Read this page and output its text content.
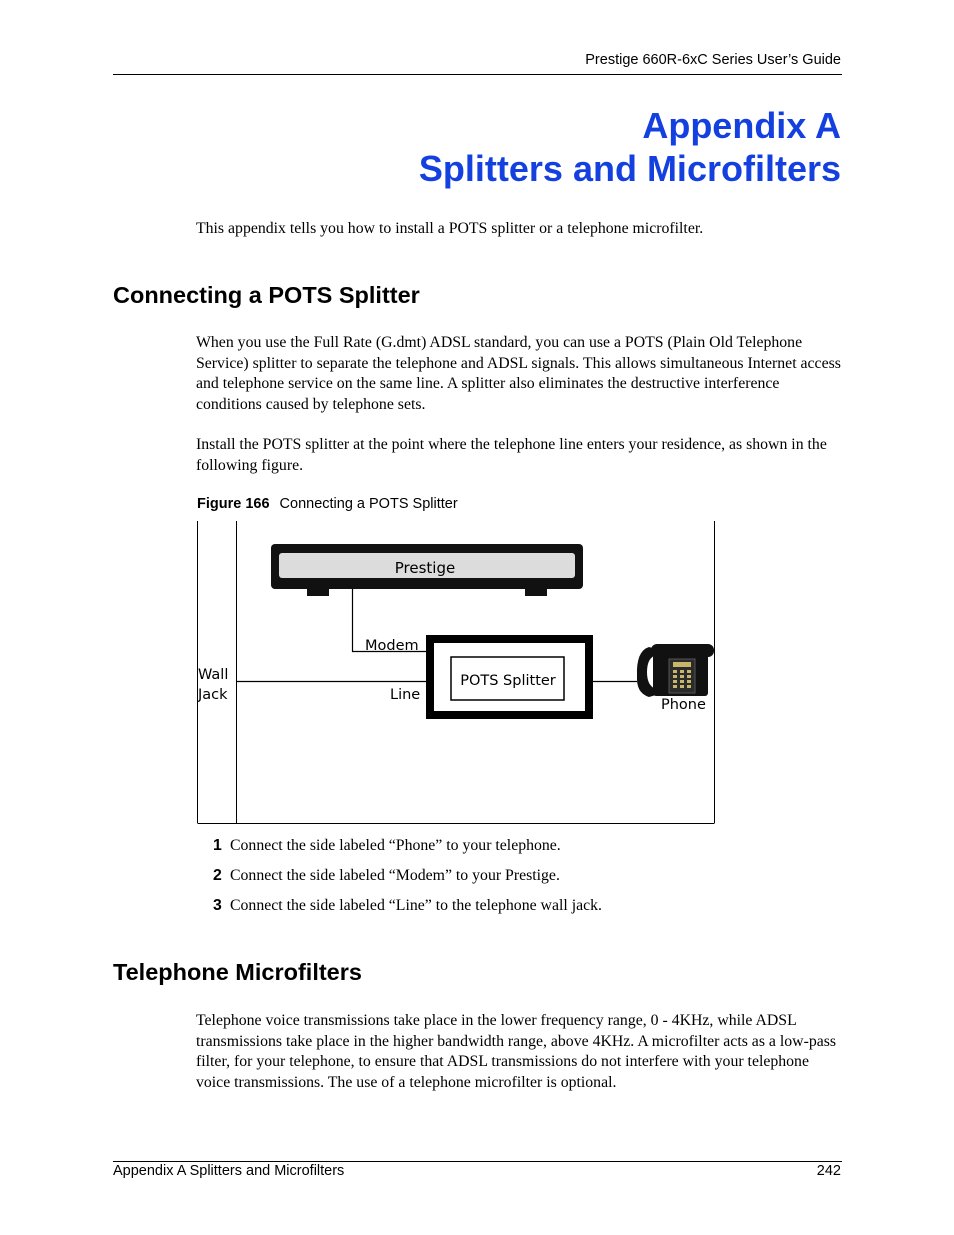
Prestige 660R-6xC Series User’s Guide
Appendix A
Splitters and Microfilters
This appendix tells you how to install a POTS splitter or a telephone microfilter.
Connecting a POTS Splitter
When you use the Full Rate (G.dmt) ADSL standard, you can use a POTS (Plain Old Telephone Service) splitter to separate the telephone and ADSL signals. This allows simultaneous Internet access and telephone service on the same line. A splitter also eliminates the destructive interference conditions caused by telephone sets.
Install the POTS splitter at the point where the telephone line enters your residence, as shown in the following figure.
Figure 166 Connecting a POTS Splitter
Prestige
Modem
Line
Wall
Jack
POTS Splitter
Phone
1 Connect the side labeled “Phone” to your telephone.
2 Connect the side labeled “Modem” to your Prestige.
3 Connect the side labeled “Line” to the telephone wall jack.
Telephone Microfilters
Telephone voice transmissions take place in the lower frequency range, 0 - 4KHz, while ADSL transmissions take place in the higher bandwidth range, above 4KHz. A microfilter acts as a low-pass filter, for your telephone, to ensure that ADSL transmissions do not interfere with your telephone voice transmissions. The use of a telephone microfilter is optional.
Appendix A Splitters and Microfilters	242
